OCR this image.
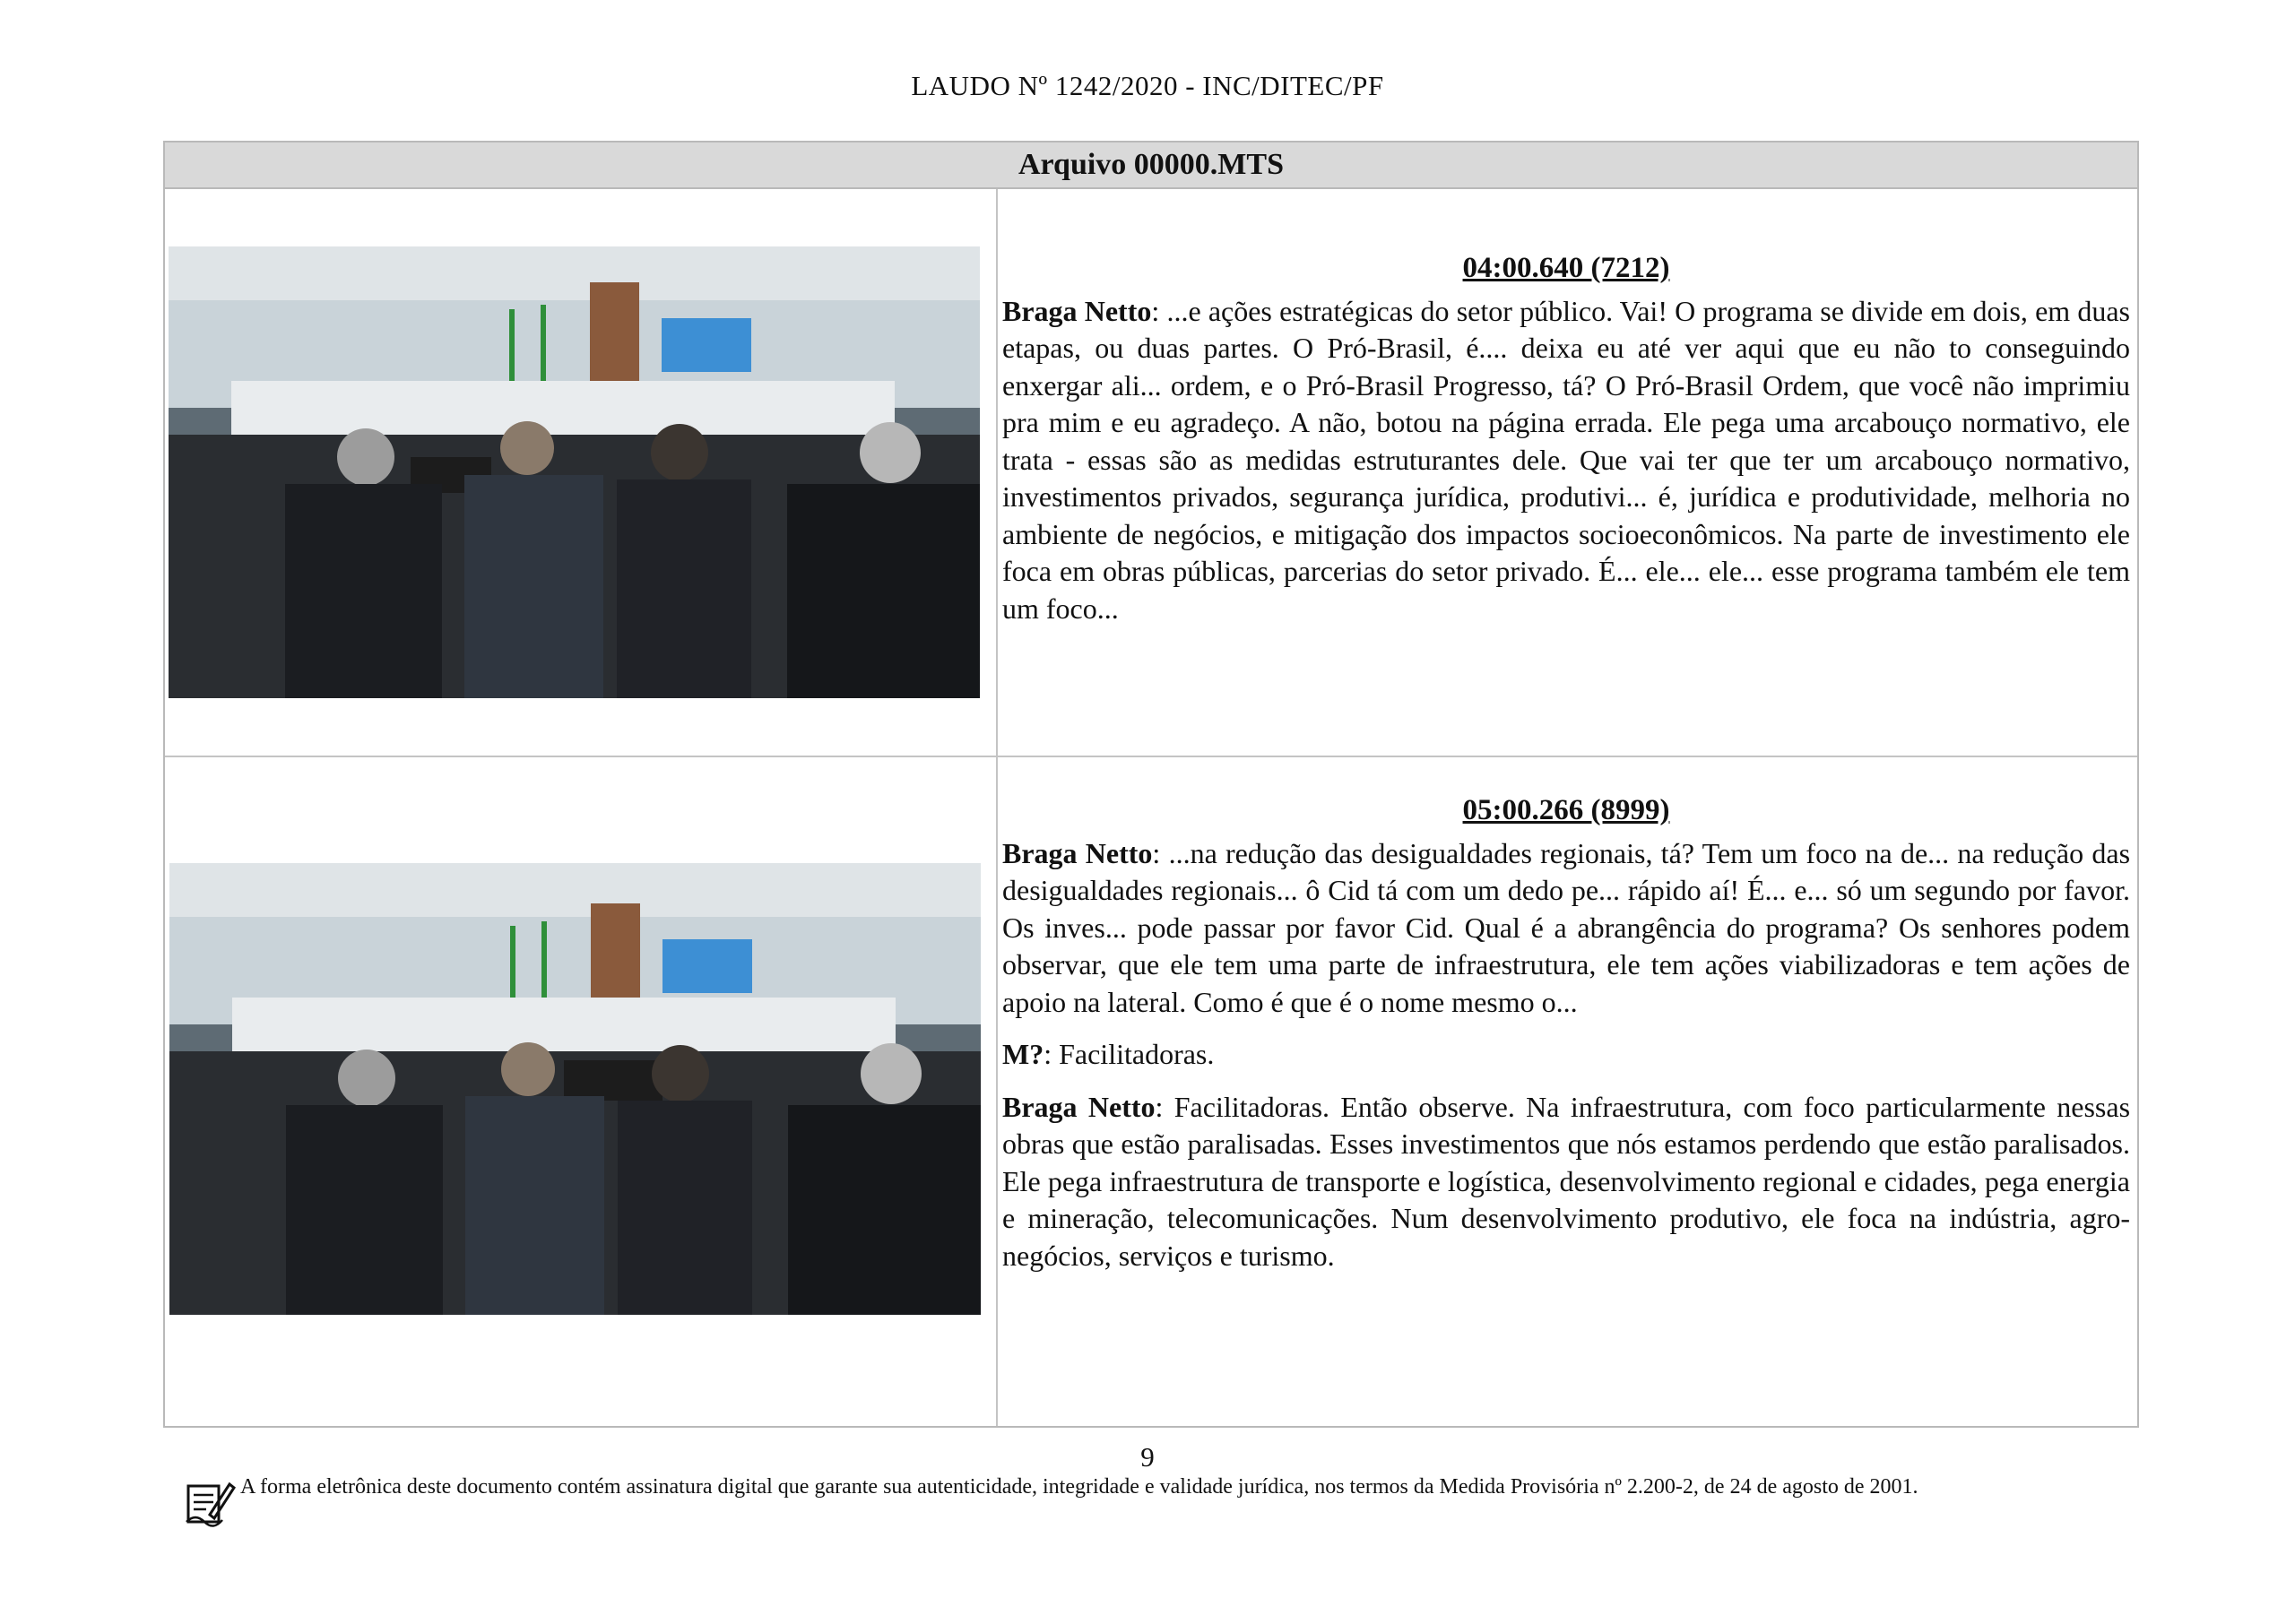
LAUDO Nº 1242/2020 - INC/DITEC/PF
Arquivo 00000.MTS
04:00.640 (7212)

Braga Netto: ...e ações estratégicas do setor público. Vai! O programa se divide em dois, em duas etapas, ou duas partes. O Pró-Brasil, é.... deixa eu até ver aqui que eu não to conseguindo enxergar ali... ordem, e o Pró-Brasil Progresso, tá? O Pró-Brasil Ordem, que você não imprimiu pra mim e eu agradeço. A não, botou na página errada. Ele pega uma arcabouço normativo, ele trata - essas são as medidas estruturantes dele. Que vai ter que ter um arcabouço normativo, investimentos privados, segurança jurídica, produtivi... é, jurídica e produtividade, melhoria no ambiente de negócios, e mitigação dos impactos socioeconômicos. Na parte de investimento ele foca em obras públicas, parcerias do setor privado. É... ele... ele... esse programa também ele tem um foco...

05:00.266 (8999)

Braga Netto: ...na redução das desigualdades regionais, tá? Tem um foco na de... na redução das desigualdades regionais... ô Cid tá com um dedo pe... rápido aí! É... e... só um segundo por favor. Os inves... pode passar por favor Cid. Qual é a abrangência do programa? Os senhores podem observar, que ele tem uma parte de infraestrutura, ele tem ações viabilizadoras e tem ações de apoio na lateral. Como é que é o nome mesmo o...

M?: Facilitadoras.

Braga Netto: Facilitadoras. Então observe. Na infraestrutura, com foco particularmente nessas obras que estão paralisadas. Esses investimentos que nós estamos perdendo que estão paralisados. Ele pega infraestrutura de transporte e logística, desenvolvimento regional e cidades, pega energia e mineração, telecomunicações. Num desenvolvimento produtivo, ele foca na indústria, agro-negócios, serviços e turismo.

9
A forma eletrônica deste documento contém assinatura digital que garante sua autenticidade, integridade e validade jurídica, nos termos da Medida Provisória nº 2.200-2, de 24 de agosto de 2001.
